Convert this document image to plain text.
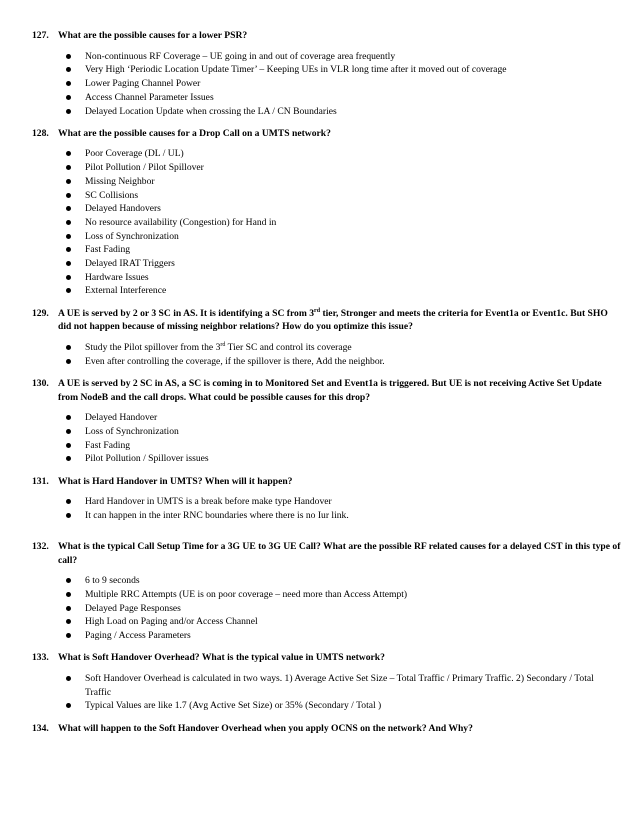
127. What are the possible causes for a lower PSR?
Non-continuous RF Coverage – UE going in and out of coverage area frequently
Very High ‘Periodic Location Update Timer’ – Keeping UEs in VLR long time after it moved out of coverage
Lower Paging Channel Power
Access Channel Parameter Issues
Delayed Location Update when crossing the LA / CN Boundaries
128. What are the possible causes for a Drop Call on a UMTS network?
Poor Coverage (DL / UL)
Pilot Pollution / Pilot Spillover
Missing Neighbor
SC Collisions
Delayed Handovers
No resource availability (Congestion) for Hand in
Loss of Synchronization
Fast Fading
Delayed IRAT Triggers
Hardware Issues
External Interference
129. A UE is served by 2 or 3 SC in AS. It is identifying a SC from 3rd tier, Stronger and meets the criteria for Event1a or Event1c. But SHO did not happen because of missing neighbor relations? How do you optimize this issue?
Study the Pilot spillover from the 3rd Tier SC and control its coverage
Even after controlling the coverage, if the spillover is there, Add the neighbor.
130. A UE is served by 2 SC in AS, a SC is coming in to Monitored Set and Event1a is triggered. But UE is not receiving Active Set Update from NodeB and the call drops. What could be possible causes for this drop?
Delayed Handover
Loss of Synchronization
Fast Fading
Pilot Pollution / Spillover issues
131. What is Hard Handover in UMTS? When will it happen?
Hard Handover in UMTS is a break before make type Handover
It can happen in the inter RNC boundaries where there is no Iur link.
132. What is the typical Call Setup Time for a 3G UE to 3G UE Call? What are the possible RF related causes for a delayed CST in this type of call?
6 to 9 seconds
Multiple RRC Attempts (UE is on poor coverage – need more than Access Attempt)
Delayed Page Responses
High Load on Paging and/or Access Channel
Paging / Access Parameters
133. What is Soft Handover Overhead? What is the typical value in UMTS network?
Soft Handover Overhead is calculated in two ways. 1) Average Active Set Size – Total Traffic / Primary Traffic. 2) Secondary / Total Traffic
Typical Values are like 1.7 (Avg Active Set Size) or 35% (Secondary / Total )
134. What will happen to the Soft Handover Overhead when you apply OCNS on the network? And Why?
